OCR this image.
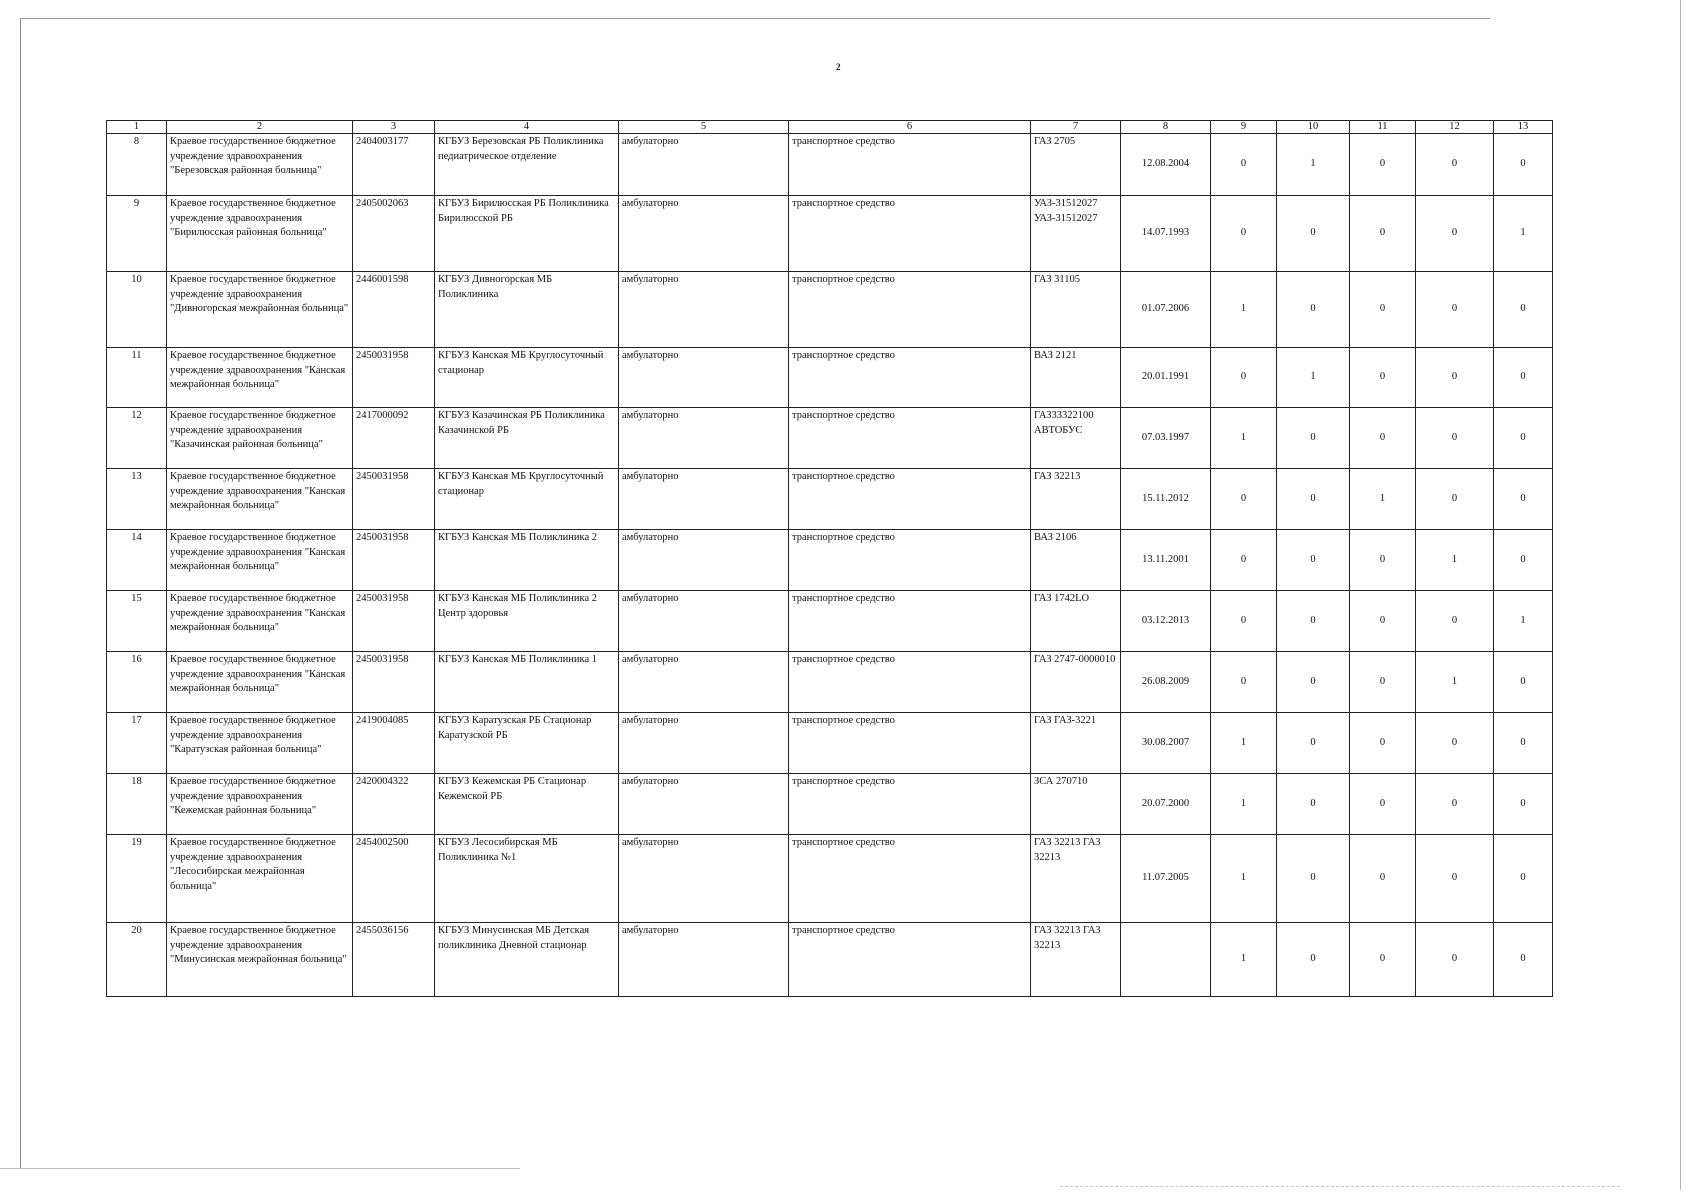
2
1	2	3	4	5	6	7	8	9	10	11	12	13
8	Краевое государственное бюджетное учреждение здравоохранения "Березовская районная больница"	2404003177	КГБУЗ Березовская РБ Поликлиника педиатрическое отделение	амбулаторно	транспортное средство	ГАЗ 2705	12.08.2004	0	1	0	0	0
9	Краевое государственное бюджетное учреждение здравоохранения "Бирилюсская районная больница"	2405002063	КГБУЗ Бирилюсская РБ Поликлиника Бирилюсской РБ	амбулаторно	транспортное средство	УАЗ-31512027 УАЗ-31512027	14.07.1993	0	0	0	0	1
10	Краевое государственное бюджетное учреждение здравоохранения "Дивногорская межрайонная больница"	2446001598	КГБУЗ Дивногорская МБ Поликлиника	амбулаторно	транспортное средство	ГАЗ 31105	01.07.2006	1	0	0	0	0
11	Краевое государственное бюджетное учреждение здравоохранения "Канская межрайонная больница"	2450031958	КГБУЗ Канская МБ Круглосуточный стационар	амбулаторно	транспортное средство	ВАЗ 2121	20.01.1991	0	1	0	0	0
12	Краевое государственное бюджетное учреждение здравоохранения "Казачинская районная больница"	2417000092	КГБУЗ Казачинская РБ Поликлиника Казачинской РБ	амбулаторно	транспортное средство	ГАЗ33322100 АВТОБУС	07.03.1997	1	0	0	0	0
13	Краевое государственное бюджетное учреждение здравоохранения "Канская межрайонная больница"	2450031958	КГБУЗ Канская МБ Круглосуточный стационар	амбулаторно	транспортное средство	ГАЗ 32213	15.11.2012	0	0	1	0	0
14	Краевое государственное бюджетное учреждение здравоохранения "Канская межрайонная больница"	2450031958	КГБУЗ Канская МБ Поликлиника 2	амбулаторно	транспортное средство	ВАЗ 2106	13.11.2001	0	0	0	1	0
15	Краевое государственное бюджетное учреждение здравоохранения "Канская межрайонная больница"	2450031958	КГБУЗ Канская МБ Поликлиника 2 Центр здоровья	амбулаторно	транспортное средство	ГАЗ 1742LO	03.12.2013	0	0	0	0	1
16	Краевое государственное бюджетное учреждение здравоохранения "Канская межрайонная больница"	2450031958	КГБУЗ Канская МБ Поликлиника 1	амбулаторно	транспортное средство	ГАЗ 2747-0000010	26.08.2009	0	0	0	1	0
17	Краевое государственное бюджетное учреждение здравоохранения "Каратузская районная больница"	2419004085	КГБУЗ Каратузская РБ Стационар Каратузской РБ	амбулаторно	транспортное средство	ГАЗ ГАЗ-3221	30.08.2007	1	0	0	0	0
18	Краевое государственное бюджетное учреждение здравоохранения "Кежемская районная больница"	2420004322	КГБУЗ Кежемская РБ Стационар Кежемской РБ	амбулаторно	транспортное средство	ЗСА 270710	20.07.2000	1	0	0	0	0
19	Краевое государственное бюджетное учреждение здравоохранения "Лесосибирская межрайонная больница"	2454002500	КГБУЗ Лесосибирская МБ Поликлиника №1	амбулаторно	транспортное средство	ГАЗ 32213 ГАЗ 32213	11.07.2005	1	0	0	0	0
20	Краевое государственное бюджетное учреждение здравоохранения "Минусинская межрайонная больница"	2455036156	КГБУЗ Минусинская МБ Детская поликлиника Дневной стационар	амбулаторно	транспортное средство	ГАЗ 32213 ГАЗ 32213		1	0	0	0	0
